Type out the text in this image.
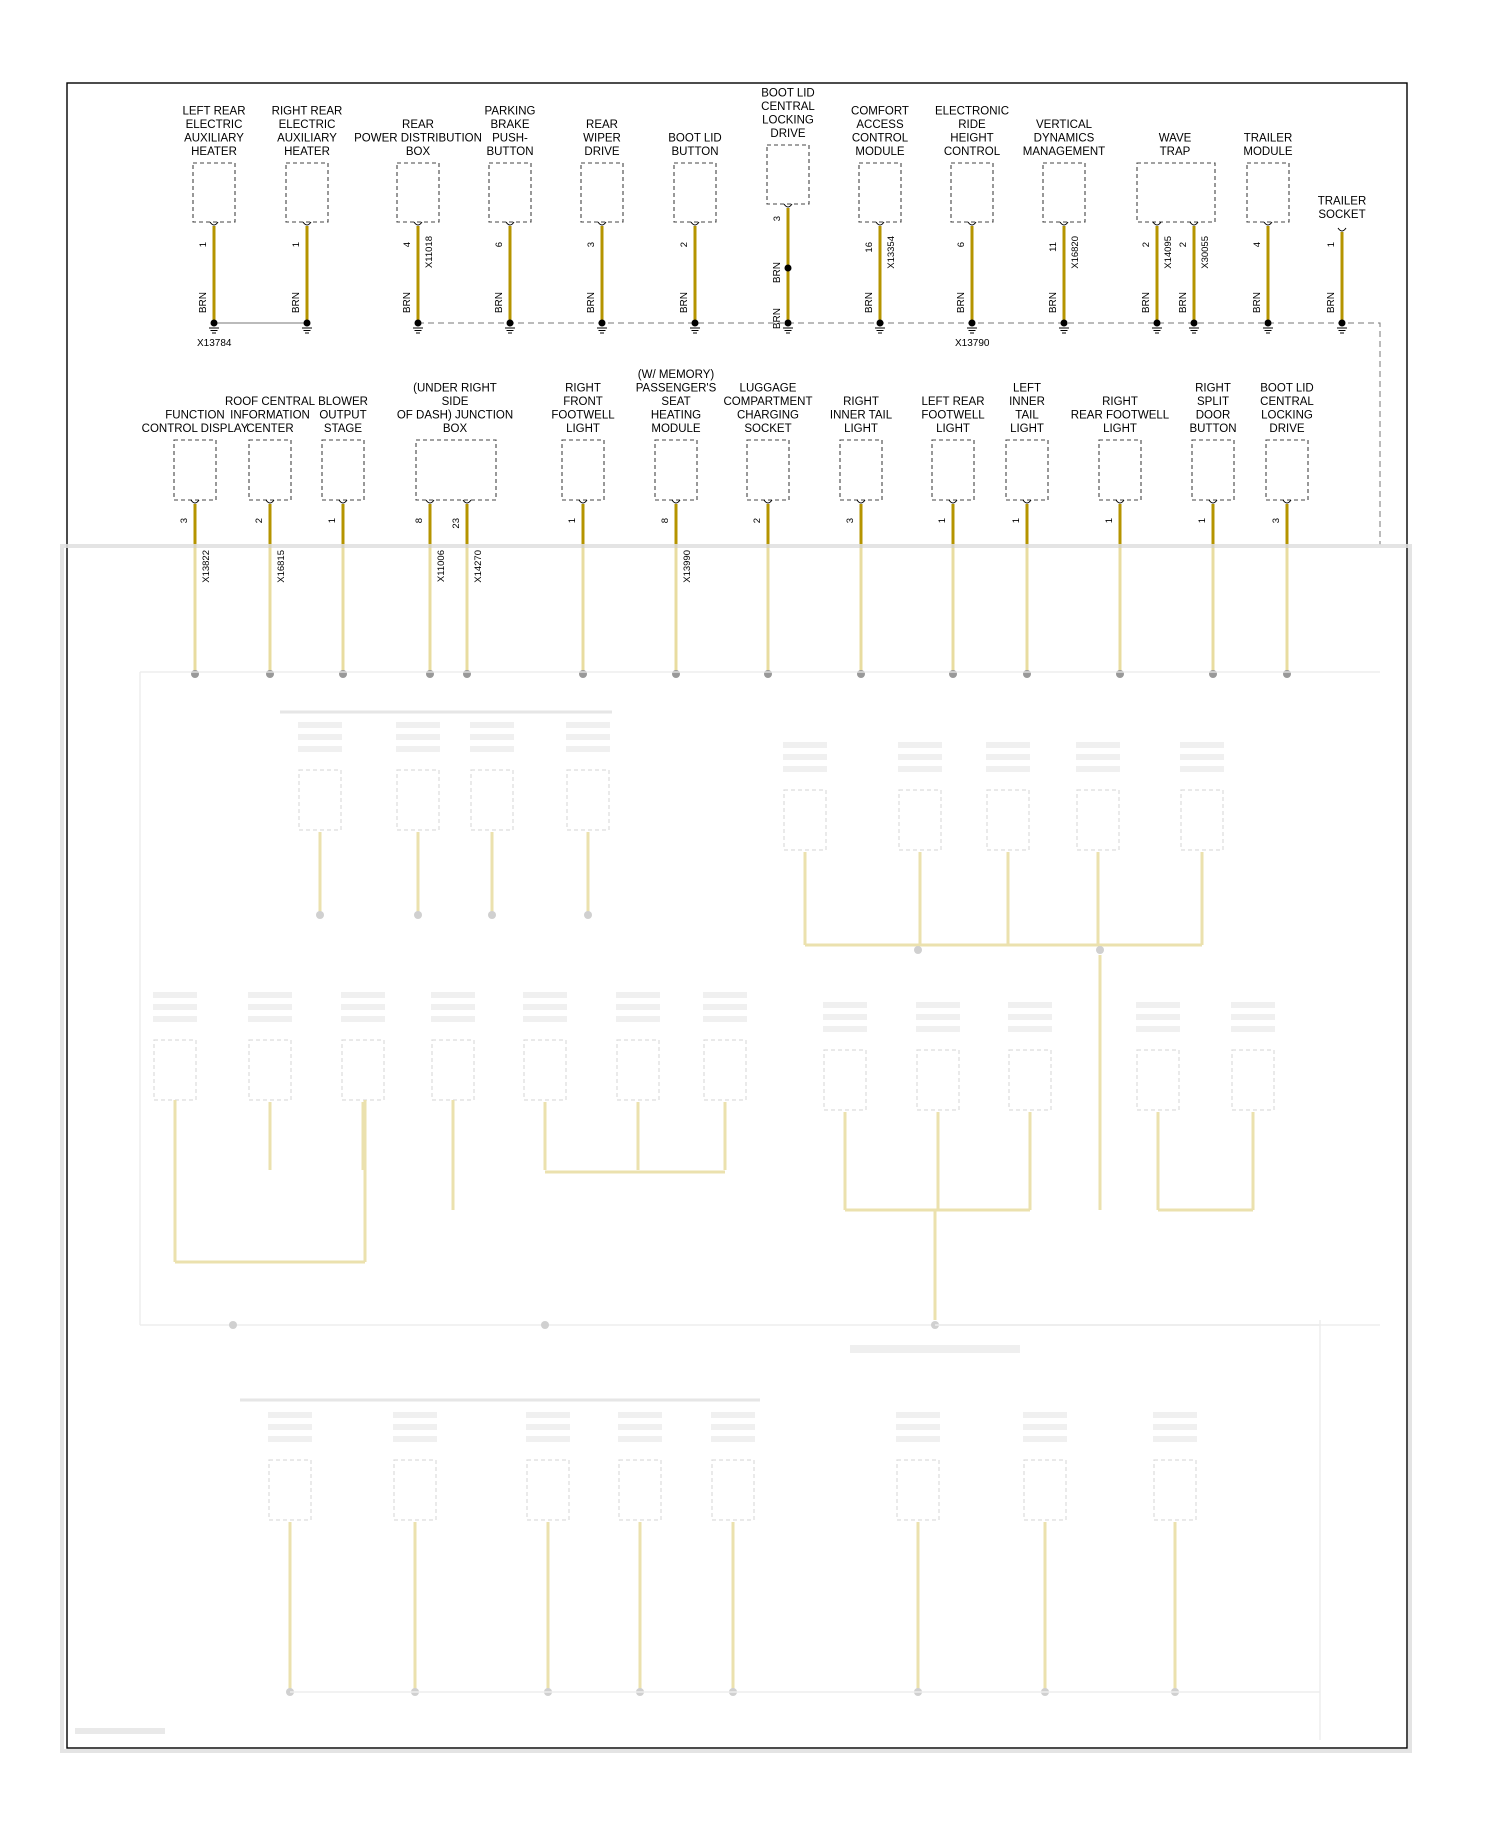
LEFT REAR
ELECTRIC
AUXILIARY
HEATER
1
BRN
RIGHT REAR
ELECTRIC
AUXILIARY
HEATER
1
BRN
REAR
POWER DISTRIBUTION
BOX
4 X11018
BRN
PARKING
BRAKE
PUSH-
BUTTON
6
BRN
REAR
WIPER
DRIVE
3
BRN
BOOT LID
BUTTON
2
BRN
BOOT LID
CENTRAL
LOCKING
DRIVE
3
BRN
BRN
COMFORT
ACCESS
CONTROL
MODULE
16 X13354
BRN
ELECTRONIC
RIDE
HEIGHT
CONTROL
6
BRN
VERTICAL
DYNAMICS
MANAGEMENT
11 X16820
BRN
WAVE
TRAP
2 X14095
BRN
2 X30055
BRN
TRAILER
MODULE
4
BRN
TRAILER
SOCKET
1
BRN
X13784	X13790
FUNCTION
CONTROL DISPLAY
3
X13822
ROOF CENTRAL
INFORMATION
CENTER
2
X16815
BLOWER
OUTPUT
STAGE
1
(UNDER RIGHT
SIDE
OF DASH) JUNCTION
BOX
8
X11006
23
X14270
RIGHT
FRONT
FOOTWELL
LIGHT
1
(W/ MEMORY)
PASSENGER'S
SEAT
HEATING
MODULE
8
X13990
LUGGAGE
COMPARTMENT
CHARGING
SOCKET
2
RIGHT
INNER TAIL
LIGHT
3
LEFT REAR
FOOTWELL
LIGHT
1
LEFT
INNER
TAIL
LIGHT
1
RIGHT
REAR FOOTWELL
LIGHT
1
RIGHT
SPLIT
DOOR
BUTTON
1
BOOT LID
CENTRAL
LOCKING
DRIVE
3
